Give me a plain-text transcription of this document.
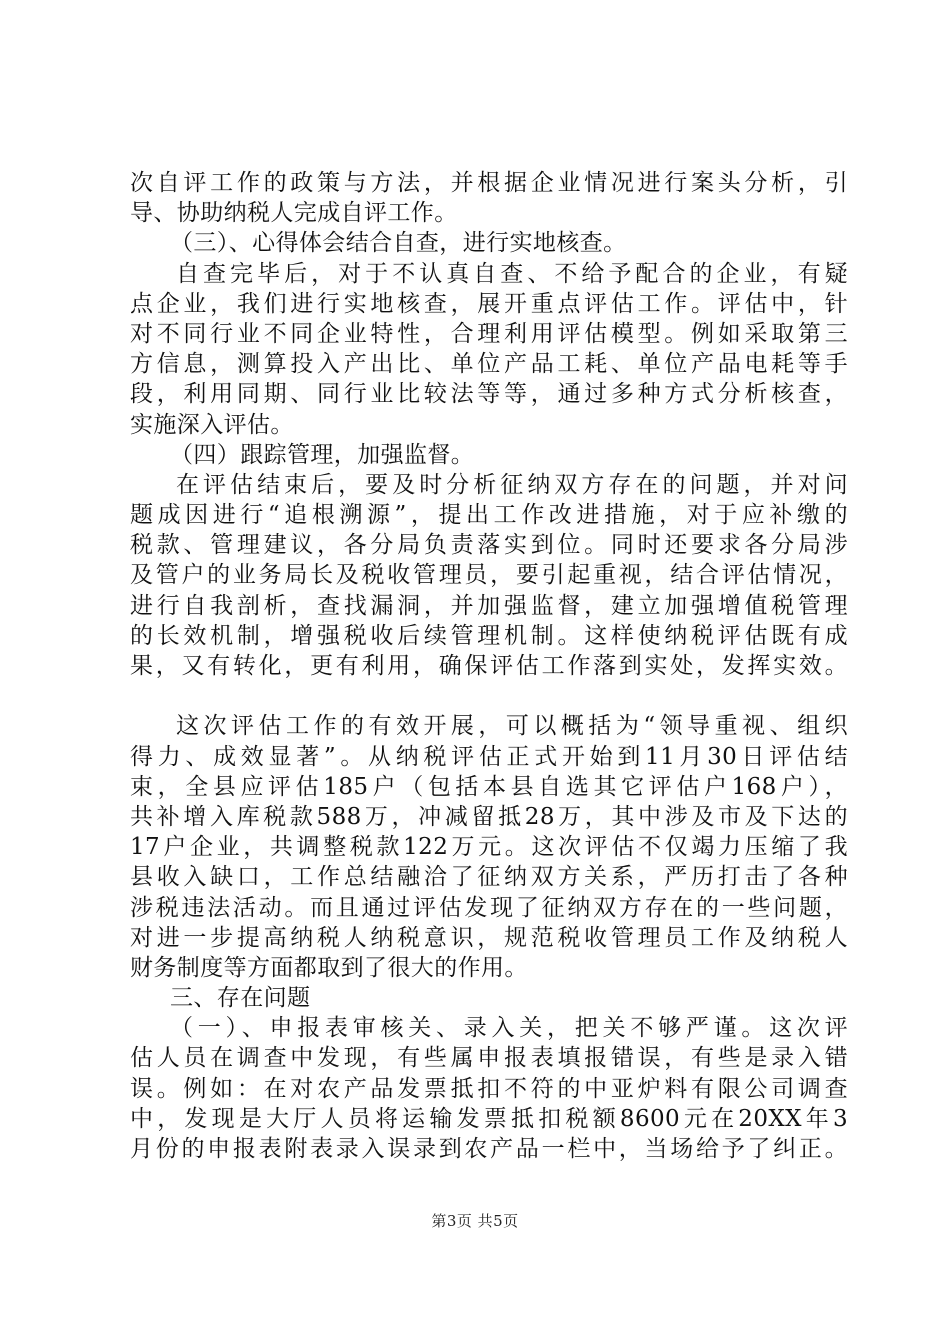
次自评工作的政策与方法，并根据企业情况进行案头分析，引
导、协助纳税人完成自评工作。
（三）、心得体会结合自查，进行实地核查。
自查完毕后，对于不认真自查、不给予配合的企业，有疑
点企业，我们进行实地核查，展开重点评估工作。评估中，针
对不同行业不同企业特性，合理利用评估模型。例如采取第三
方信息，测算投入产出比、单位产品工耗、单位产品电耗等手
段，利用同期、同行业比较法等等，通过多种方式分析核查，
实施深入评估。
（四）跟踪管理，加强监督。
在评估结束后，要及时分析征纳双方存在的问题，并对问
题成因进行“追根溯源”，提出工作改进措施，对于应补缴的
税款、管理建议，各分局负责落实到位。同时还要求各分局涉
及管户的业务局长及税收管理员，要引起重视，结合评估情况，
进行自我剖析，查找漏洞，并加强监督，建立加强增值税管理
的长效机制，增强税收后续管理机制。这样使纳税评估既有成
果，又有转化，更有利用，确保评估工作落到实处，发挥实效。
这次评估工作的有效开展，可以概括为“领导重视、组织
得力、成效显著”。从纳税评估正式开始到11月30日评估结
束，全县应评估185户（包括本县自选其它评估户168户），
共补增入库税款588万，冲减留抵28万，其中涉及市及下达的
17户企业，共调整税款122万元。这次评估不仅竭力压缩了我
县收入缺口，工作总结融洽了征纳双方关系，严历打击了各种
涉税违法活动。而且通过评估发现了征纳双方存在的一些问题，
对进一步提高纳税人纳税意识，规范税收管理员工作及纳税人
财务制度等方面都取到了很大的作用。
三、存在问题
（一）、申报表审核关、录入关，把关不够严谨。这次评
估人员在调查中发现，有些属申报表填报错误，有些是录入错
误。例如：在对农产品发票抵扣不符的中亚炉料有限公司调查
中，发现是大厅人员将运输发票抵扣税额8600元在20XX年3
月份的申报表附表录入误录到农产品一栏中，当场给予了纠正。
第3页 共5页
